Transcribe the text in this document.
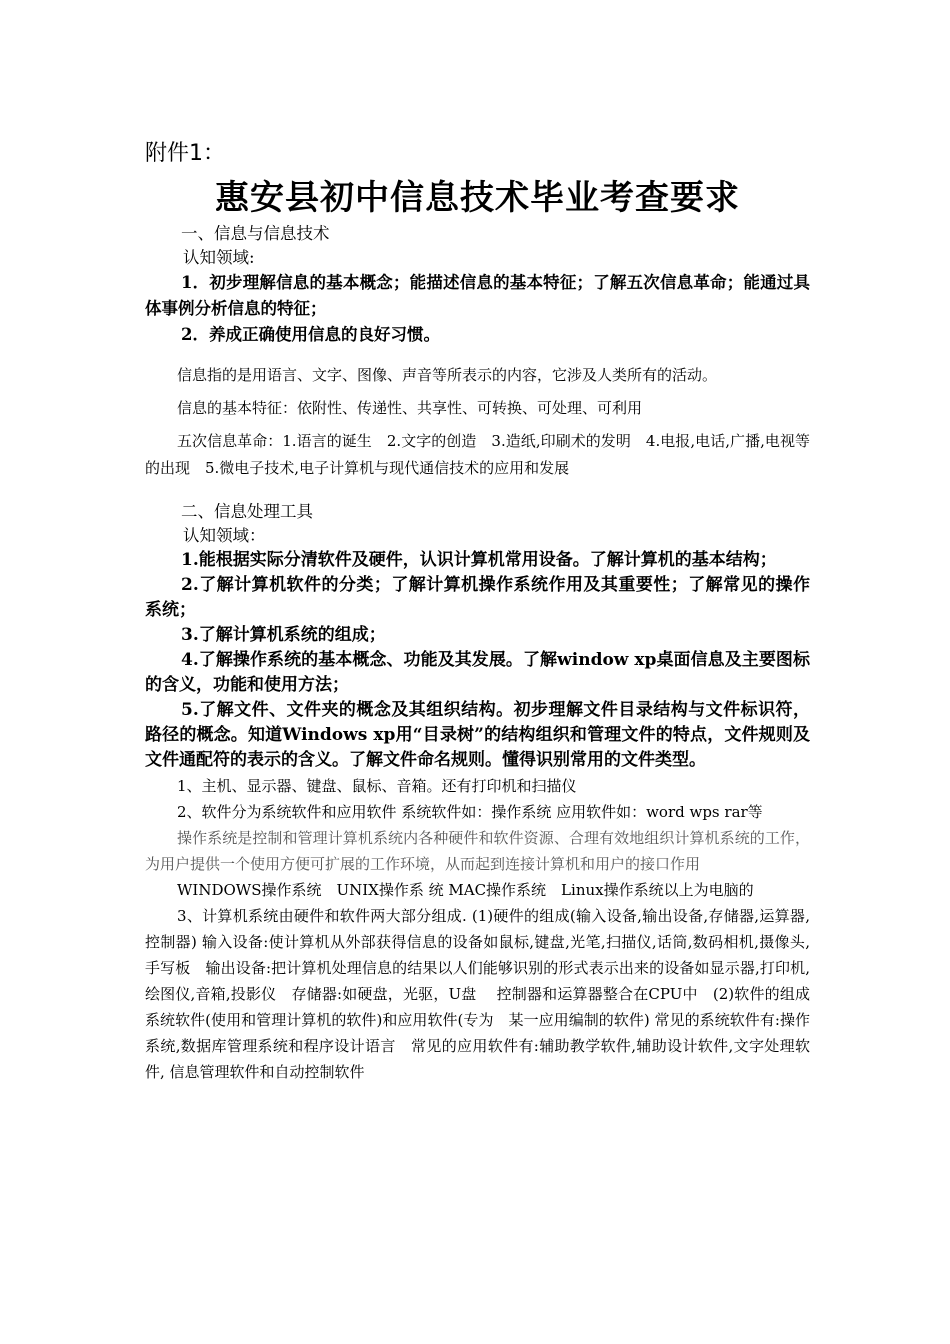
附件1：

惠安县初中信息技术毕业考查要求

一、信息与信息技术

认知领域:

1．初步理解信息的基本概念；能描述信息的基本特征；了解五次信息革命；能通过具体事例分析信息的特征；

2．养成正确使用信息的良好习惯。

信息指的是用语言、文字、图像、声音等所表示的内容，它涉及人类所有的活动。

信息的基本特征：依附性、传递性、共享性、可转换、可处理、可利用

五次信息革命：1.语言的诞生　2.文字的创造　3.造纸,印刷术的发明　4.电报,电话,广播,电视等的出现　5.微电子技术,电子计算机与现代通信技术的应用和发展

二、信息处理工具

认知领域：

1.能根据实际分清软件及硬件，认识计算机常用设备。了解计算机的基本结构；

2.了解计算机软件的分类；了解计算机操作系统作用及其重要性；了解常见的操作系统；

3.了解计算机系统的组成；

4.了解操作系统的基本概念、功能及其发展。了解window xp桌面信息及主要图标的含义，功能和使用方法；

5.了解文件、文件夹的概念及其组织结构。初步理解文件目录结构与文件标识符，路径的概念。知道Windows xp用“目录树”的结构组织和管理文件的特点，文件规则及文件通配符的表示的含义。了解文件命名规则。懂得识别常用的文件类型。

1、主机、显示器、键盘、鼠标、音箱。还有打印机和扫描仪

2、软件分为系统软件和应用软件 系统软件如：操作系统 应用软件如：word wps rar等

操作系统是控制和管理计算机系统内各种硬件和软件资源、合理有效地组织计算机系统的工作，为用户提供一个使用方便可扩展的工作环境，从而起到连接计算机和用户的接口作用

WINDOWS操作系统　UNIX操作系 统 MAC操作系统　Linux操作系统以上为电脑的

3、计算机系统由硬件和软件两大部分组成. (1)硬件的组成(输入设备,输出设备,存储器,运算器,控制器) 输入设备:使计算机从外部获得信息的设备如鼠标,键盘,光笔,扫描仪,话筒,数码相机,摄像头, 手写板　输出设备:把计算机处理信息的结果以人们能够识别的形式表示出来的设备如显示器,打印机,绘图仪,音箱,投影仪　存储器:如硬盘，光驱，U盘　 控制器和运算器整合在CPU中　(2)软件的组成 系统软件(使用和管理计算机的软件)和应用软件(专为　某一应用编制的软件) 常见的系统软件有:操作系统,数据库管理系统和程序设计语言　常见的应用软件有:辅助教学软件,辅助设计软件,文字处理软件, 信息管理软件和自动控制软件
